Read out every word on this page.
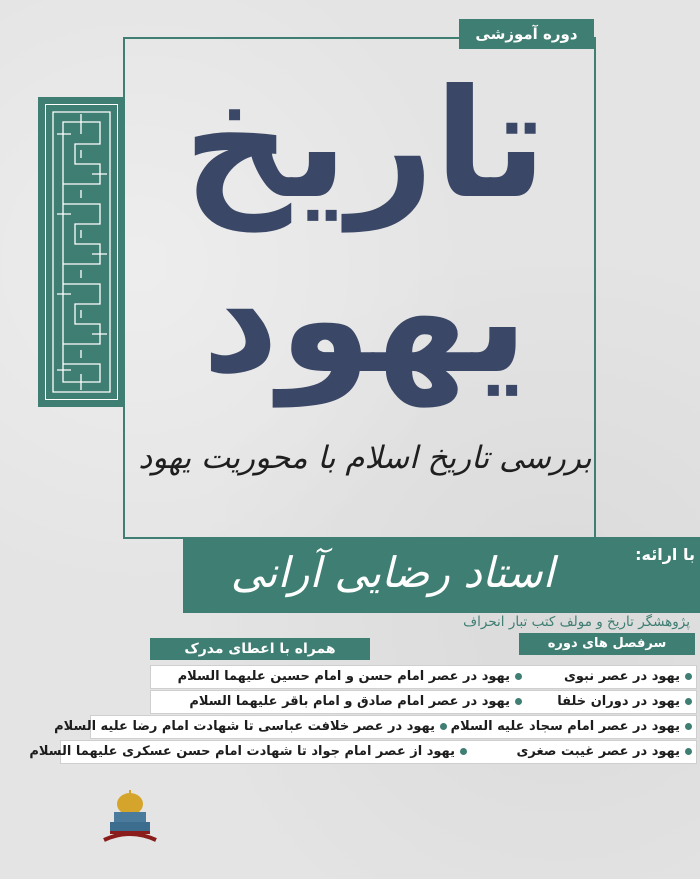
دوره آموزشی
تاریخ
یهود
بررسی تاریخ اسلام با محوریت یهود
با ارائه:
استاد رضایی آرانی
پژوهشگر تاریخ و مولف کتب تبار انحراف
سرفصل های دوره
همراه با اعطای مدرک
یهود در عصر نبوی
یهود در عصر امام حسن و امام حسین علیهما السلام
یهود در دوران خلفا
یهود در عصر امام صادق و امام باقر علیهما السلام
یهود در عصر امام سجاد علیه السلام
یهود در عصر خلافت عباسی تا شهادت امام رضا علیه السلام
یهود در عصر غیبت صغری
یهود از عصر امام جواد تا شهادت امام حسن عسکری علیهما السلام
